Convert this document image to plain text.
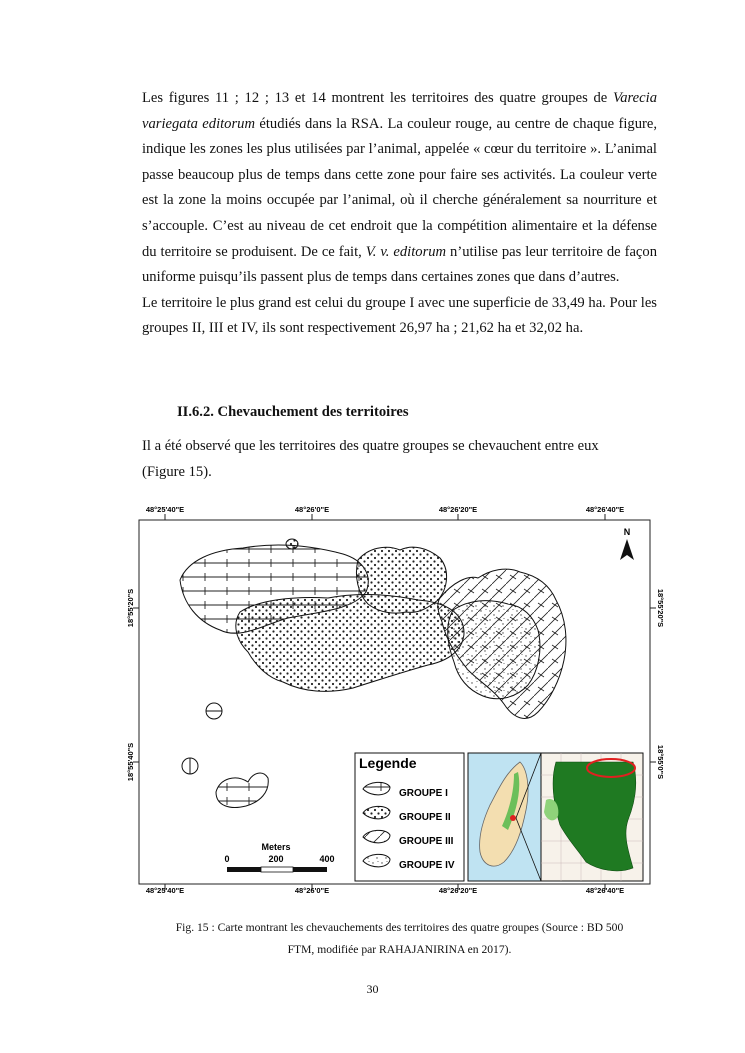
Les figures 11 ; 12 ; 13 et 14 montrent les territoires des quatre groupes de Varecia variegata editorum étudiés dans la RSA. La couleur rouge, au centre de chaque figure, indique les zones les plus utilisées par l’animal, appelée « cœur du territoire ». L’animal passe beaucoup plus de temps dans cette zone pour faire ses activités. La couleur verte est la zone la moins occupée par l’animal, où il cherche généralement sa nourriture et s’accouple. C’est au niveau de cet endroit que la compétition alimentaire et la défense du territoire se produisent. De ce fait, V. v. editorum n’utilise pas leur territoire de façon uniforme puisqu’ils passent plus de temps dans certaines zones que dans d’autres.

Le territoire le plus grand est celui du groupe I avec une superficie de 33,49 ha. Pour les groupes II, III et IV, ils sont respectivement 26,97 ha ; 21,62 ha et 32,02 ha.

II.6.2. Chevauchement des territoires

Il a été observé que les territoires des quatre groupes se chevauchent entre eux

(Figure 15).

48°25'40"E	48°26'0"E	48°26'20"E	48°26'40"E
48°25'40"E	48°26'0"E	48°26'20"E	48°26'40"E
18°55'20"S
18°55'40"S
18°55'20"S
18°55'0"S
N
Meters
0	200	400
Legende
GROUPE I
GROUPE II
GROUPE III
GROUPE IV

Fig. 15 : Carte montrant les chevauchements des territoires des quatre groupes (Source : BD 500

FTM, modifiée par RAHAJANIRINA en 2017).

30
